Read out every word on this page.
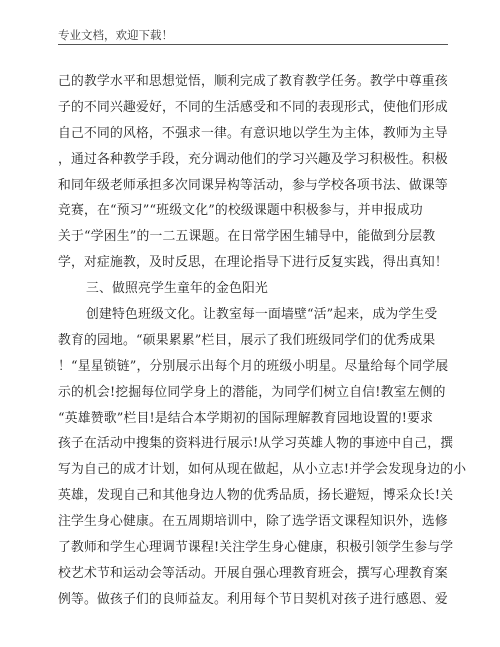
专业文档，欢迎下载！
己的教学水平和思想觉悟，顺利完成了教育教学任务。教学中尊重孩
子的不同兴趣爱好，不同的生活感受和不同的表现形式，使他们形成
自己不同的风格，不强求一律。有意识地以学生为主体，教师为主导
，通过各种教学手段，充分调动他们的学习兴趣及学习积极性。积极
和同年级老师承担多次同课异构等活动，参与学校各项书法、做课等
竞赛，在“预习”“班级文化”的校级课题中积极参与，并申报成功
关于“学困生”的一二五课题。在日常学困生辅导中，能做到分层教
学，对症施教，及时反思，在理论指导下进行反复实践，得出真知！
三、做照亮学生童年的金色阳光
创建特色班级文化。让教室每一面墙壁“活”起来，成为学生受
教育的园地。“硕果累累”栏目，展示了我们班级同学们的优秀成果
！“星星锁链”，分别展示出每个月的班级小明星。尽量给每个同学展
示的机会!挖掘每位同学身上的潜能，为同学们树立自信!教室左侧的
“英雄赞歌”栏目!是结合本学期初的国际理解教育园地设置的!要求
孩子在活动中搜集的资料进行展示!从学习英雄人物的事迹中自己，撰
写为自己的成才计划，如何从现在做起，从小立志!并学会发现身边的小
英雄，发现自己和其他身边人物的优秀品质，扬长避短，博采众长!关
注学生身心健康。在五周期培训中，除了选学语文课程知识外，选修
了教师和学生心理调节课程!关注学生身心健康，积极引领学生参与学
校艺术节和运动会等活动。开展自强心理教育班会，撰写心理教育案
例等。做孩子们的良师益友。利用每个节日契机对孩子进行感恩、爱
